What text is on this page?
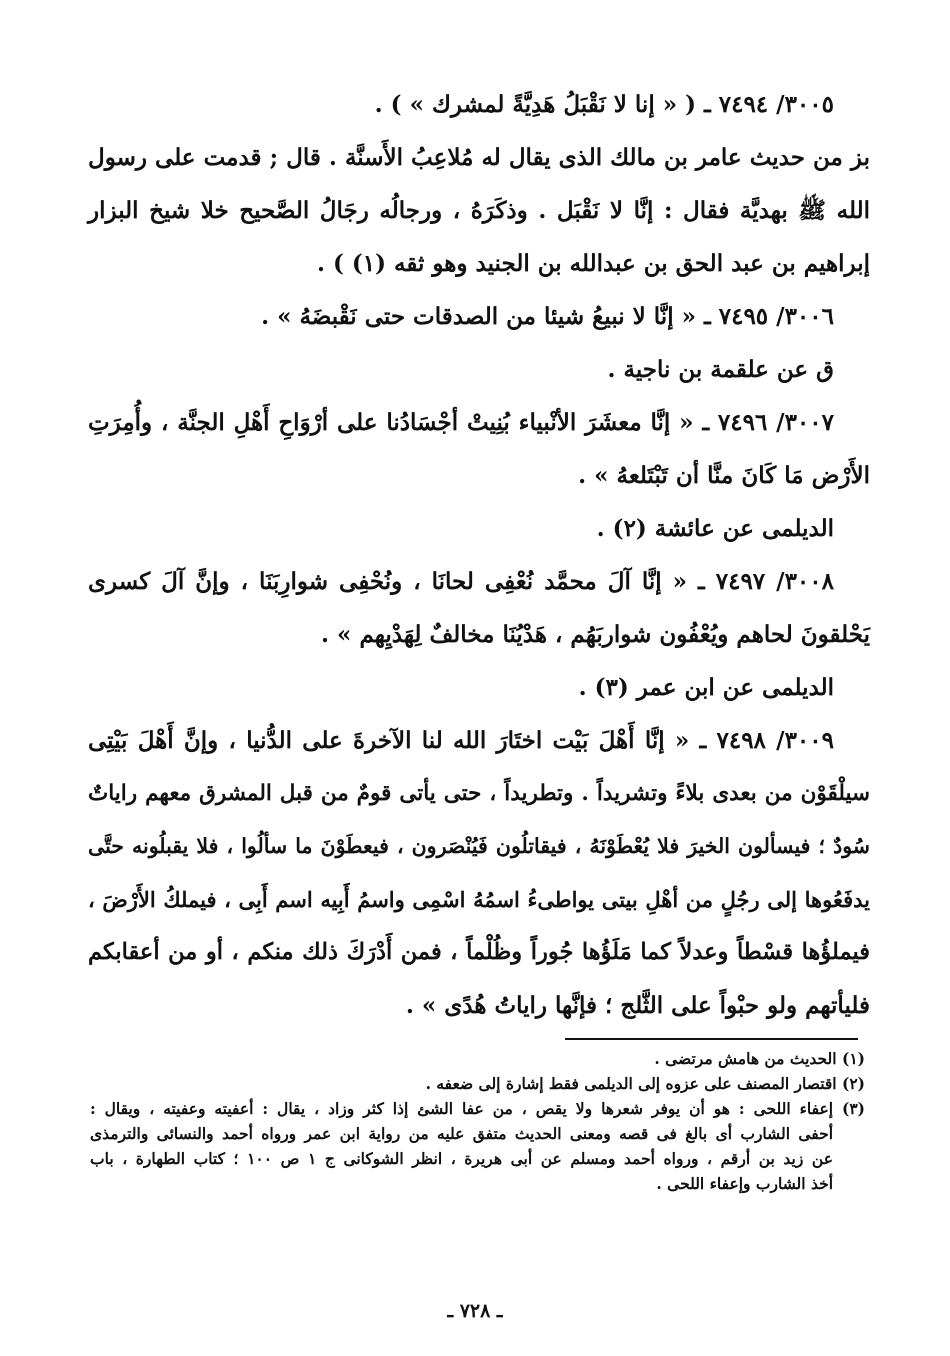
٣٠٠٥/ ٧٤٩٤ ـ ( « إنا لا نَقْبَلُ هَدِيَّةً لمشرك » ) .
بز من حديث عامر بن مالك الذى يقال له مُلاعِبُ الأَسنَّة . قال ; قدمت على رسول
الله ﷺ بهديَّة فقال : إنَّا لا نَقْبَل . وذكَرَهُ ، ورجالُه رجَالُ الصَّحيح خلا شيخ البزار
إبراهيم بن عبد الحق بن عبدالله بن الجنيد وهو ثقه (١) ) .
٣٠٠٦/ ٧٤٩٥ ـ « إنَّا لا نبيعُ شيئا من الصدقات حتى نَقْبضَهُ » .
ق عن علقمة بن ناجية .
٣٠٠٧/ ٧٤٩٦ ـ « إنَّا معشَرَ الأنْبياء بُنِيتْ أجْسَادُنا على أرْوَاحِ أَهْلِ الجنَّة ، وأُمِرَتِ
الأَرْض مَا كَانَ منَّا أن تَبْتَلعهُ » .
الديلمى عن عائشة (٢) .
٣٠٠٨/ ٧٤٩٧ ـ « إنَّا آلَ محمَّد نُعْفِى لحانَا ، ونُحْفِى شوارِبَنَا ، وإنَّ آلَ كسرى
يَحْلقونَ لحاهم ويُعْفُون شواربَهُم ، هَدْيُنَا مخالفٌ لِهَدْيِهم » .
الديلمى عن ابن عمر (٣) .
٣٠٠٩/ ٧٤٩٨ ـ « إنَّا أَهْلَ بَيْت اختَارَ الله لنا الآخرةَ على الدُّنيا ، وإنَّ أَهْلَ بَيْتِى
سيلْقَوْن من بعدى بلاءً وتشريداً . وتطريداً ، حتى يأتى قومٌ من قبل المشرق معهم راياتٌ
سُودٌ ؛ فيسألون الخيرَ فلا يُعْطَوْنَهُ ، فيقاتلُون فَيُنْصَرون ، فيعطَوْنَ ما سألُوا ، فلا يقبلُونه حتَّى
يدفَعُوها إلى رجُلٍ من أهْلِ بيتى يواطىءُ اسمُهُ اسْمِى واسمُ أَبِيه اسم أَبِى ، فيملكُ الأَرْضَ ،
فيملؤُها قسْطاً وعدلاً كما مَلَؤُها جُوراً وظُلْماً ، فمن أَدْرَكَ ذلك منكم ، أو من أعقابكم
فليأتهم ولو حبْواً على الثَّلج ؛ فإنَّها راياتُ هُدًى » .
(١) الحديث من هامش مرتضى .
(٢) اقتصار المصنف على عزوه إلى الديلمى فقط إشارة إلى ضعفه .
(٣) إعفاء اللحى : هو أن يوفر شعرها ولا يقص ، من عفا الشئ إذا كثر وزاد ، يقال : أعفيته وعفيته ، ويقال :
أحفى الشارب أى بالغ فى قصه ومعنى الحديث متفق عليه من رواية ابن عمر ورواه أحمد والنسائى والترمذى
عن زيد بن أرقم ، ورواه أحمد ومسلم عن أبى هريرة ، انظر الشوكانى ج ١ ص ١٠٠ ؛ كتاب الطهارة ، باب
أخذ الشارب وإعفاء اللحى .
ـ ٧٢٨ ـ
